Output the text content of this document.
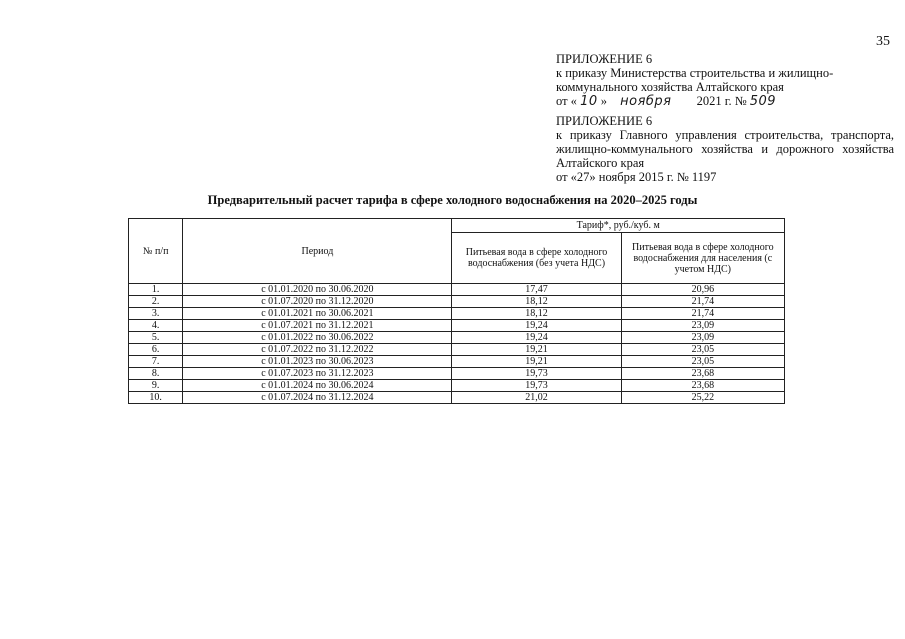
35
ПРИЛОЖЕНИЕ 6
к приказу Министерства строительства и жилищно-
коммунального хозяйства Алтайского края
от « 10 » ноября 2021 г. № 509
ПРИЛОЖЕНИЕ 6
к приказу Главного управления строительства, транспорта,
жилищно-коммунального хозяйства и дорожного хозяйства
Алтайского края
от «27» ноября 2015 г. № 1197
Предварительный расчет тарифа в сфере холодного водоснабжения на 2020–2025 годы
№ п/п	Период	Тариф*, руб./куб. м	
		Питьевая вода в сфере холодного водоснабжения (без учета НДС)	Питьевая вода в сфере холодного водоснабжения для населения (с учетом НДС)
1.	с 01.01.2020 по 30.06.2020	17,47	20,96
2.	с 01.07.2020 по 31.12.2020	18,12	21,74
3.	с 01.01.2021 по 30.06.2021	18,12	21,74
4.	с 01.07.2021 по 31.12.2021	19,24	23,09
5.	с 01.01.2022 по 30.06.2022	19,24	23,09
6.	с 01.07.2022 по 31.12.2022	19,21	23,05
7.	с 01.01.2023 по 30.06.2023	19,21	23,05
8.	с 01.07.2023 по 31.12.2023	19,73	23,68
9.	с 01.01.2024 по 30.06.2024	19,73	23,68
10.	с 01.07.2024 по 31.12.2024	21,02	25,22
